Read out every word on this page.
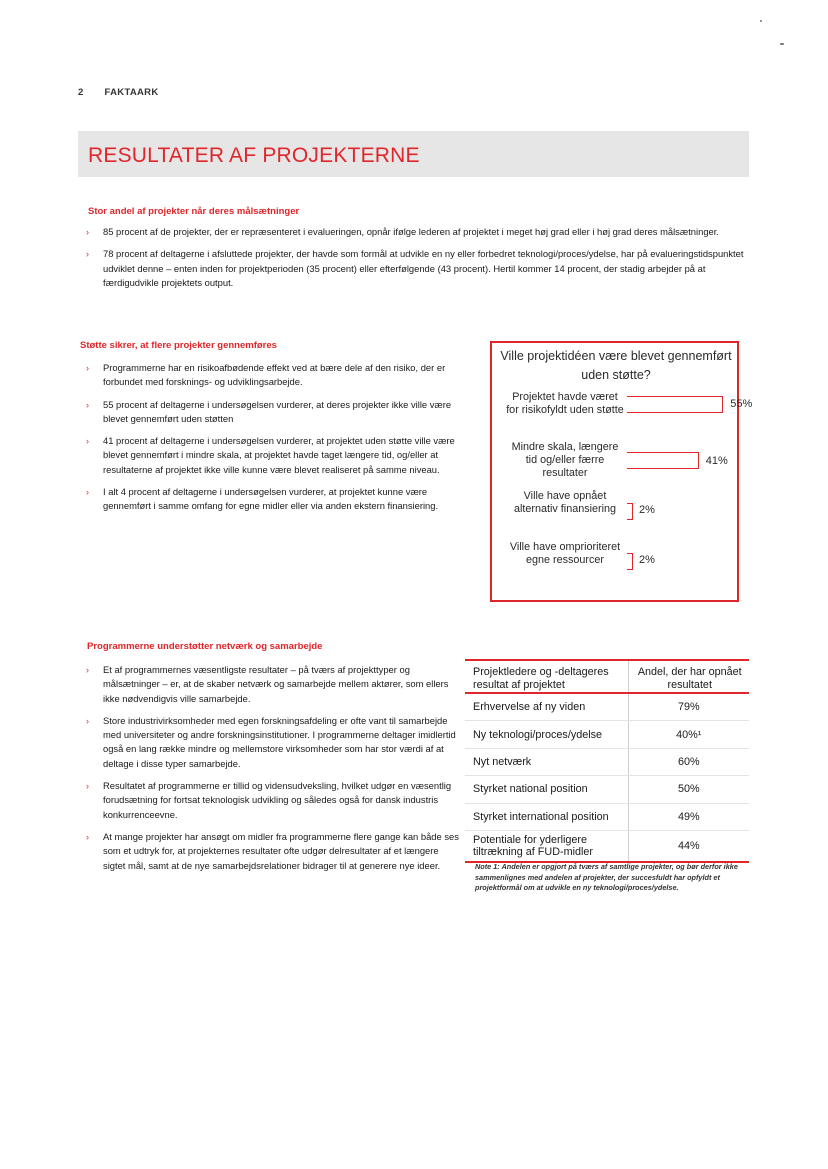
2 FAKTAARK
RESULTATER AF PROJEKTERNE
Stor andel af projekter når deres målsætninger
› 85 procent af de projekter, der er repræsenteret i evalueringen, opnår ifølge lederen af projektet i meget høj grad eller i høj grad deres målsætninger.
› 78 procent af deltagerne i afsluttede projekter, der havde som formål at udvikle en ny eller forbedret teknologi/proces/ydelse, har på evalueringstidspunktet udviklet denne – enten inden for projektperioden (35 procent) eller efterfølgende (43 procent). Hertil kommer 14 procent, der stadig arbejder på at færdigudvikle projektets output.
Støtte sikrer, at flere projekter gennemføres
› Programmerne har en risikoafbødende effekt ved at bære dele af den risiko, der er forbundet med forsknings- og udviklingsarbejde.
› 55 procent af deltagerne i undersøgelsen vurderer, at deres projekter ikke ville være blevet gennemført uden støtten
› 41 procent af deltagerne i undersøgelsen vurderer, at projektet uden støtte ville være blevet gennemført i mindre skala, at projektet havde taget længere tid, og/eller at resultaterne af projektet ikke ville kunne være blevet realiseret på samme niveau.
› I alt 4 procent af deltagerne i undersøgelsen vurderer, at projektet kunne være gennemført i samme omfang for egne midler eller via anden ekstern finansiering.
Ville projektidéen være blevet gennemført uden støtte?
Projektet havde været for risikofyldt uden støtte	55%
Mindre skala, længere tid og/eller færre resultater
41%
Ville have opnået alternativ finansiering	2%
Ville have omprioriteret egne ressourcer	2%
Programmerne understøtter netværk og samarbejde
› Et af programmernes væsentligste resultater – på tværs af projekttyper og målsætninger – er, at de skaber netværk og samarbejde mellem aktører, som ellers ikke nødvendigvis ville samarbejde.
› Store industrivirksomheder med egen forskningsafdeling er ofte vant til samarbejde med universiteter og andre forskningsinstitutioner. I programmerne deltager imidlertid også en lang række mindre og mellemstore virksomheder som har stor værdi af at deltage i disse typer samarbejde.
› Resultatet af programmerne er tillid og vidensudveksling, hvilket udgør en væsentlig forudsætning for fortsat teknologisk udvikling og således også for dansk industris konkurrenceevne.
› At mange projekter har ansøgt om midler fra programmerne flere gange kan både ses som et udtryk for, at projekternes resultater ofte udgør delresultater af et længere sigtet mål, samt at de nye samarbejdsrelationer bidrager til at generere nye ideer.
Projektledere og -deltageres resultat af projektet	Andel, der har opnået resultatet
Erhvervelse af ny viden	79%
Ny teknologi/proces/ydelse	40%¹
Nyt netværk	60%
Styrket national position	50%
Styrket international position	49%
Potentiale for yderligere tiltrækning af FUD-midler	44%
Note 1: Andelen er opgjort på tværs af samtlige projekter, og bør derfor ikke sammenlignes med andelen af projekter, der succesfuldt har opfyldt et projektformål om at udvikle en ny teknologi/proces/ydelse.
